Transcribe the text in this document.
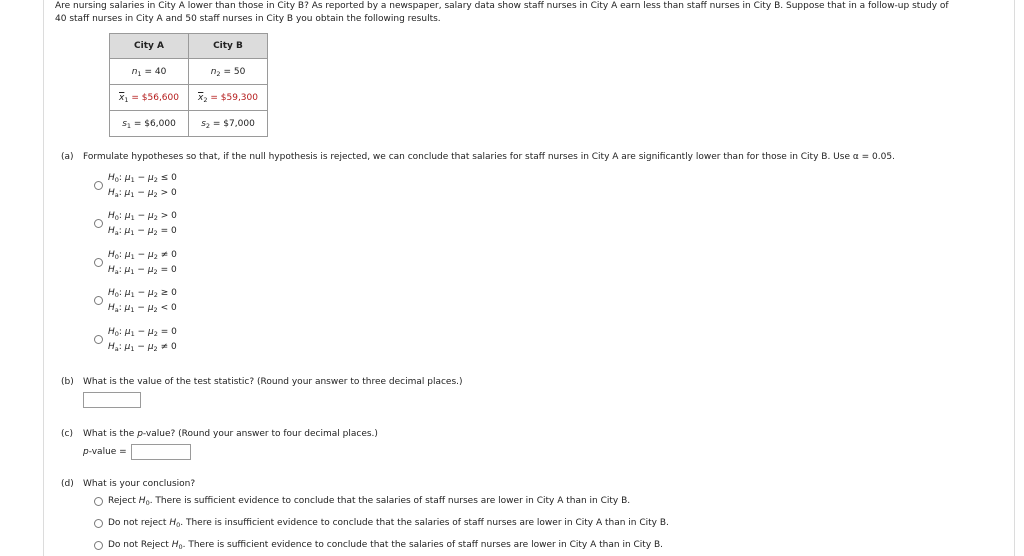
Are nursing salaries in City A lower than those in City B? As reported by a newspaper, salary data show staff nurses in City A earn less than staff nurses in City B. Suppose that in a follow-up study of
40 staff nurses in City A and 50 staff nurses in City B you obtain the following results.
City A	City B
$n_1 = 40$	$n_2 = 50$
$\overline{x}_1$ = $56,600	$\overline{x}_2$ = $59,300
$s_1$ = $6,000	$s_2$ = $7,000
(a) Formulate hypotheses so that, if the null hypothesis is rejected, we can conclude that salaries for staff nurses in City A are significantly lower than for those in City B. Use α = 0.05.
$H_0$: $\mu_1 - \mu_2 \le 0$
$H_a$: $\mu_1 - \mu_2 > 0$
$H_0$: $\mu_1 - \mu_2 > 0$
$H_a$: $\mu_1 - \mu_2 = 0$
$H_0$: $\mu_1 - \mu_2 \ne 0$
$H_a$: $\mu_1 - \mu_2 = 0$
$H_0$: $\mu_1 - \mu_2 \ge 0$
$H_a$: $\mu_1 - \mu_2 < 0$
$H_0$: $\mu_1 - \mu_2 = 0$
$H_a$: $\mu_1 - \mu_2 \ne 0$
(b) What is the value of the test statistic? (Round your answer to three decimal places.)
(c) What is the p-value? (Round your answer to four decimal places.)
p-value =
(d) What is your conclusion?
Reject $H_0$. There is sufficient evidence to conclude that the salaries of staff nurses are lower in City A than in City B.
Do not reject $H_0$. There is insufficient evidence to conclude that the salaries of staff nurses are lower in City A than in City B.
Do not Reject $H_0$. There is sufficient evidence to conclude that the salaries of staff nurses are lower in City A than in City B.
